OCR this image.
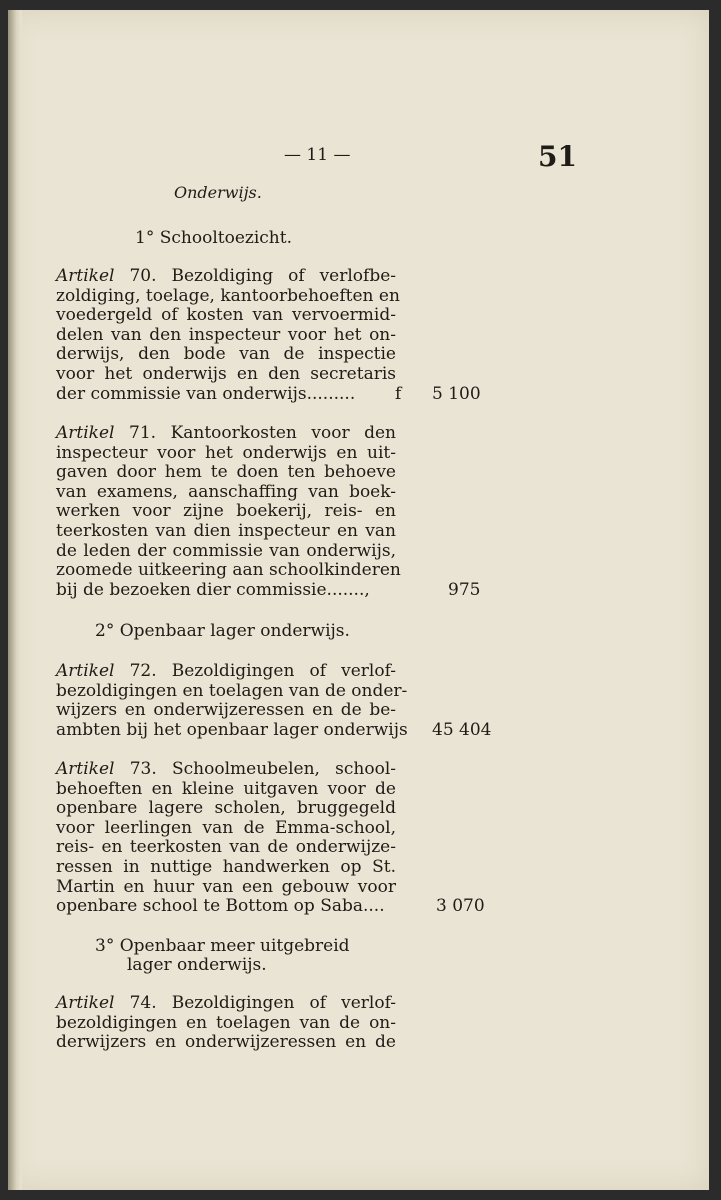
— 11 —	51
Onderwijs.
1° Schooltoezicht.
Artikel 70. Bezoldiging of verlofbe-
zoldiging, toelage, kantoorbehoeften en
voedergeld of kosten van vervoermid-
delen van den inspecteur voor het on-
derwijs, den bode van de inspectie
voor het onderwijs en den secretaris
der commissie van onderwijs.........	f 5 100
Artikel 71. Kantoorkosten voor den
inspecteur voor het onderwijs en uit-
gaven door hem te doen ten behoeve
van examens, aanschaffing van boek-
werken voor zijne boekerij, reis- en
teerkosten van dien inspecteur en van
de leden der commissie van onderwijs,
zoomede uitkeering aan schoolkinderen
bij de bezoeken dier commissie.......,	975
2° Openbaar lager onderwijs.
Artikel 72. Bezoldigingen of verlof-
bezoldigingen en toelagen van de onder-
wijzers en onderwijzeressen en de be-
ambten bij het openbaar lager onderwijs 45 404
Artikel 73. Schoolmeubelen, school-
behoeften en kleine uitgaven voor de
openbare lagere scholen, bruggegeld
voor leerlingen van de Emma-school,
reis- en teerkosten van de onderwijze-
ressen in nuttige handwerken op St.
Martin en huur van een gebouw voor
openbare school te Bottom op Saba....	3 070
3° Openbaar meer uitgebreid
lager onderwijs.
Artikel 74. Bezoldigingen of verlof-
bezoldigingen en toelagen van de on-
derwijzers en onderwijzeressen en de
